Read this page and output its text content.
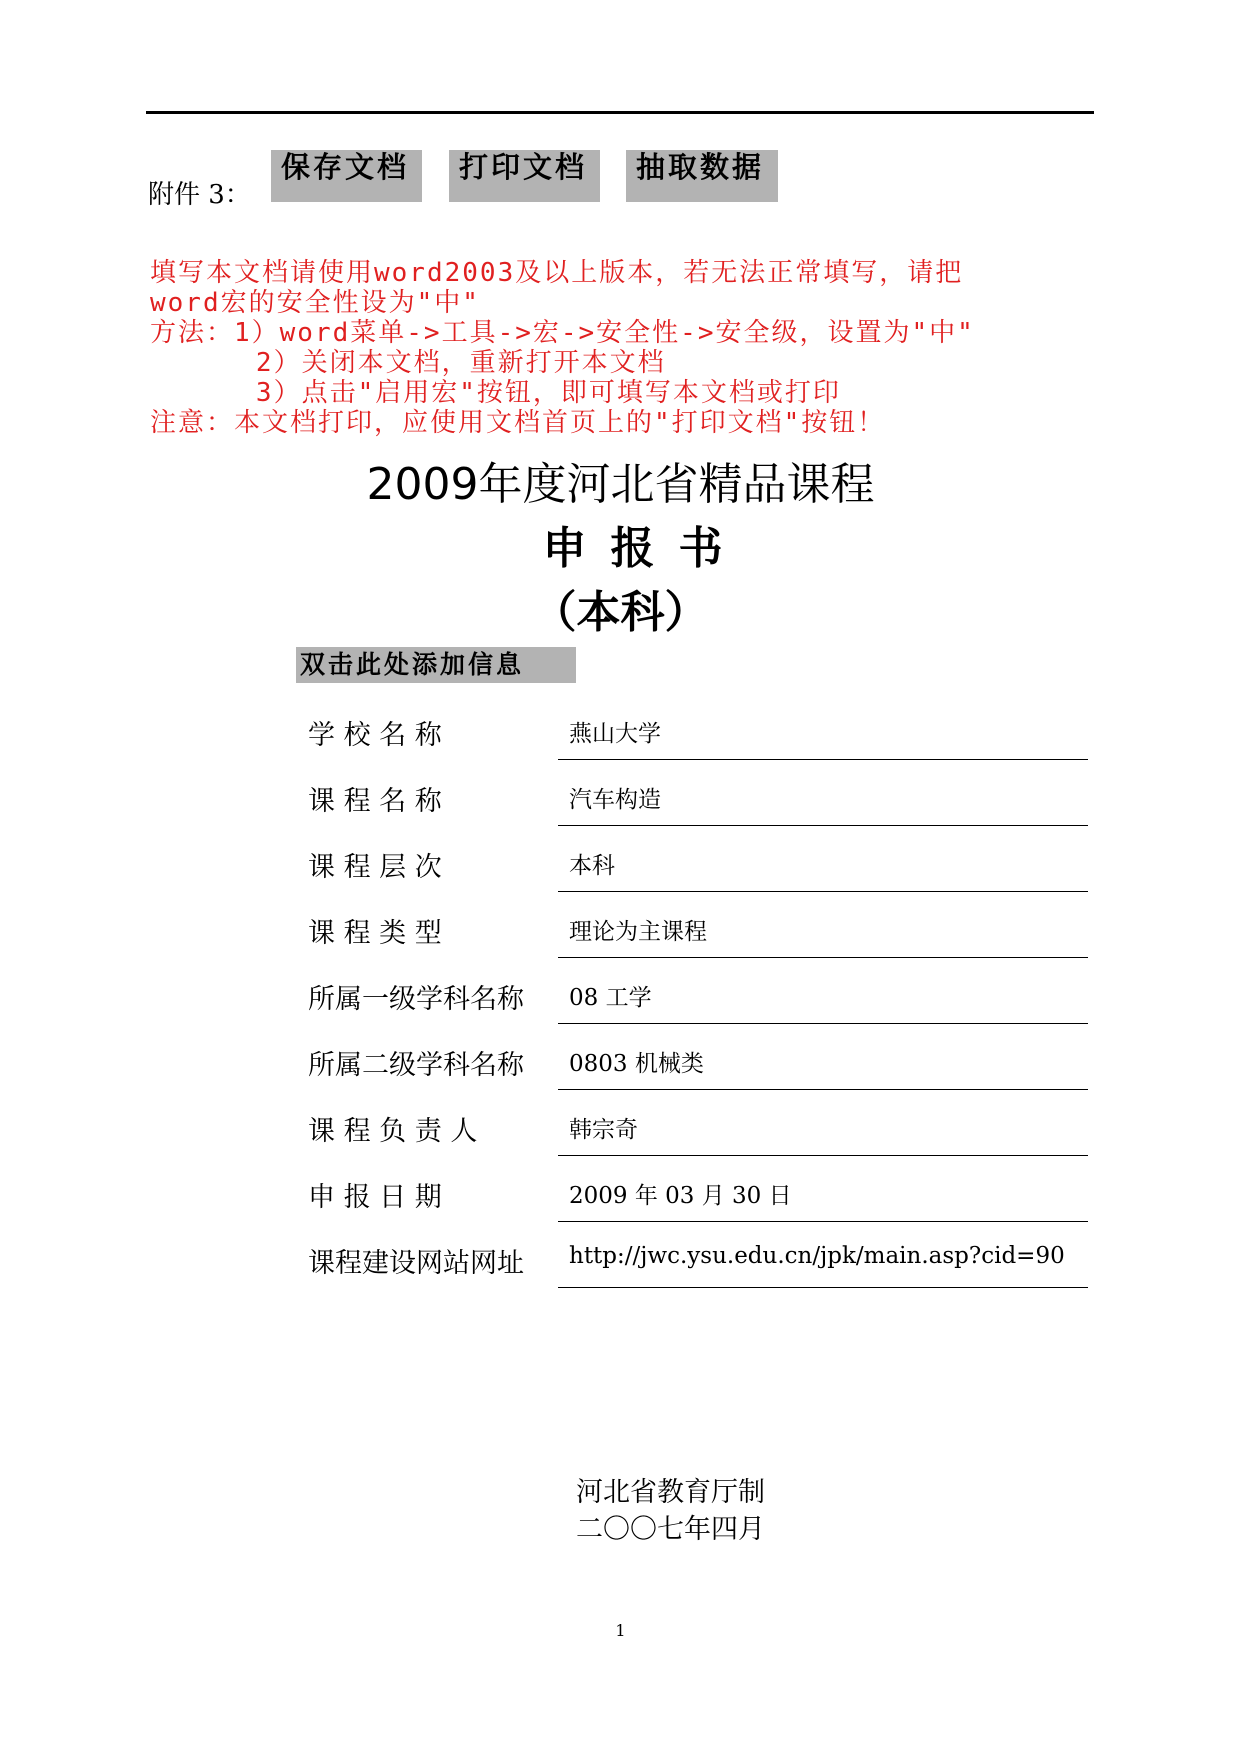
附件 3：
保存文档	打印文档	抽取数据

填写本文档请使用word2003及以上版本，若无法正常填写，请把
word宏的安全性设为"中"
方法：1）word菜单->工具->宏->安全性->安全级，设置为"中"
2）关闭本文档，重新打开本文档
3）点击"启用宏"按钮，即可填写本文档或打印
注意：本文档打印，应使用文档首页上的"打印文档"按钮！

2009年度河北省精品课程
申报书
（本科）
双击此处添加信息
学 校 名 称	燕山大学
课 程 名 称	汽车构造
课 程 层 次	本科
课 程 类 型	理论为主课程
所属一级学科名称 08 工学
所属二级学科名称 0803 机械类
课 程 负 责 人	韩宗奇
申 报 日 期	2009 年 03 月 30 日
课程建设网站网址 http://jwc.ysu.edu.cn/jpk/main.asp?cid=90
河北省教育厅制
二〇〇七年四月
1
